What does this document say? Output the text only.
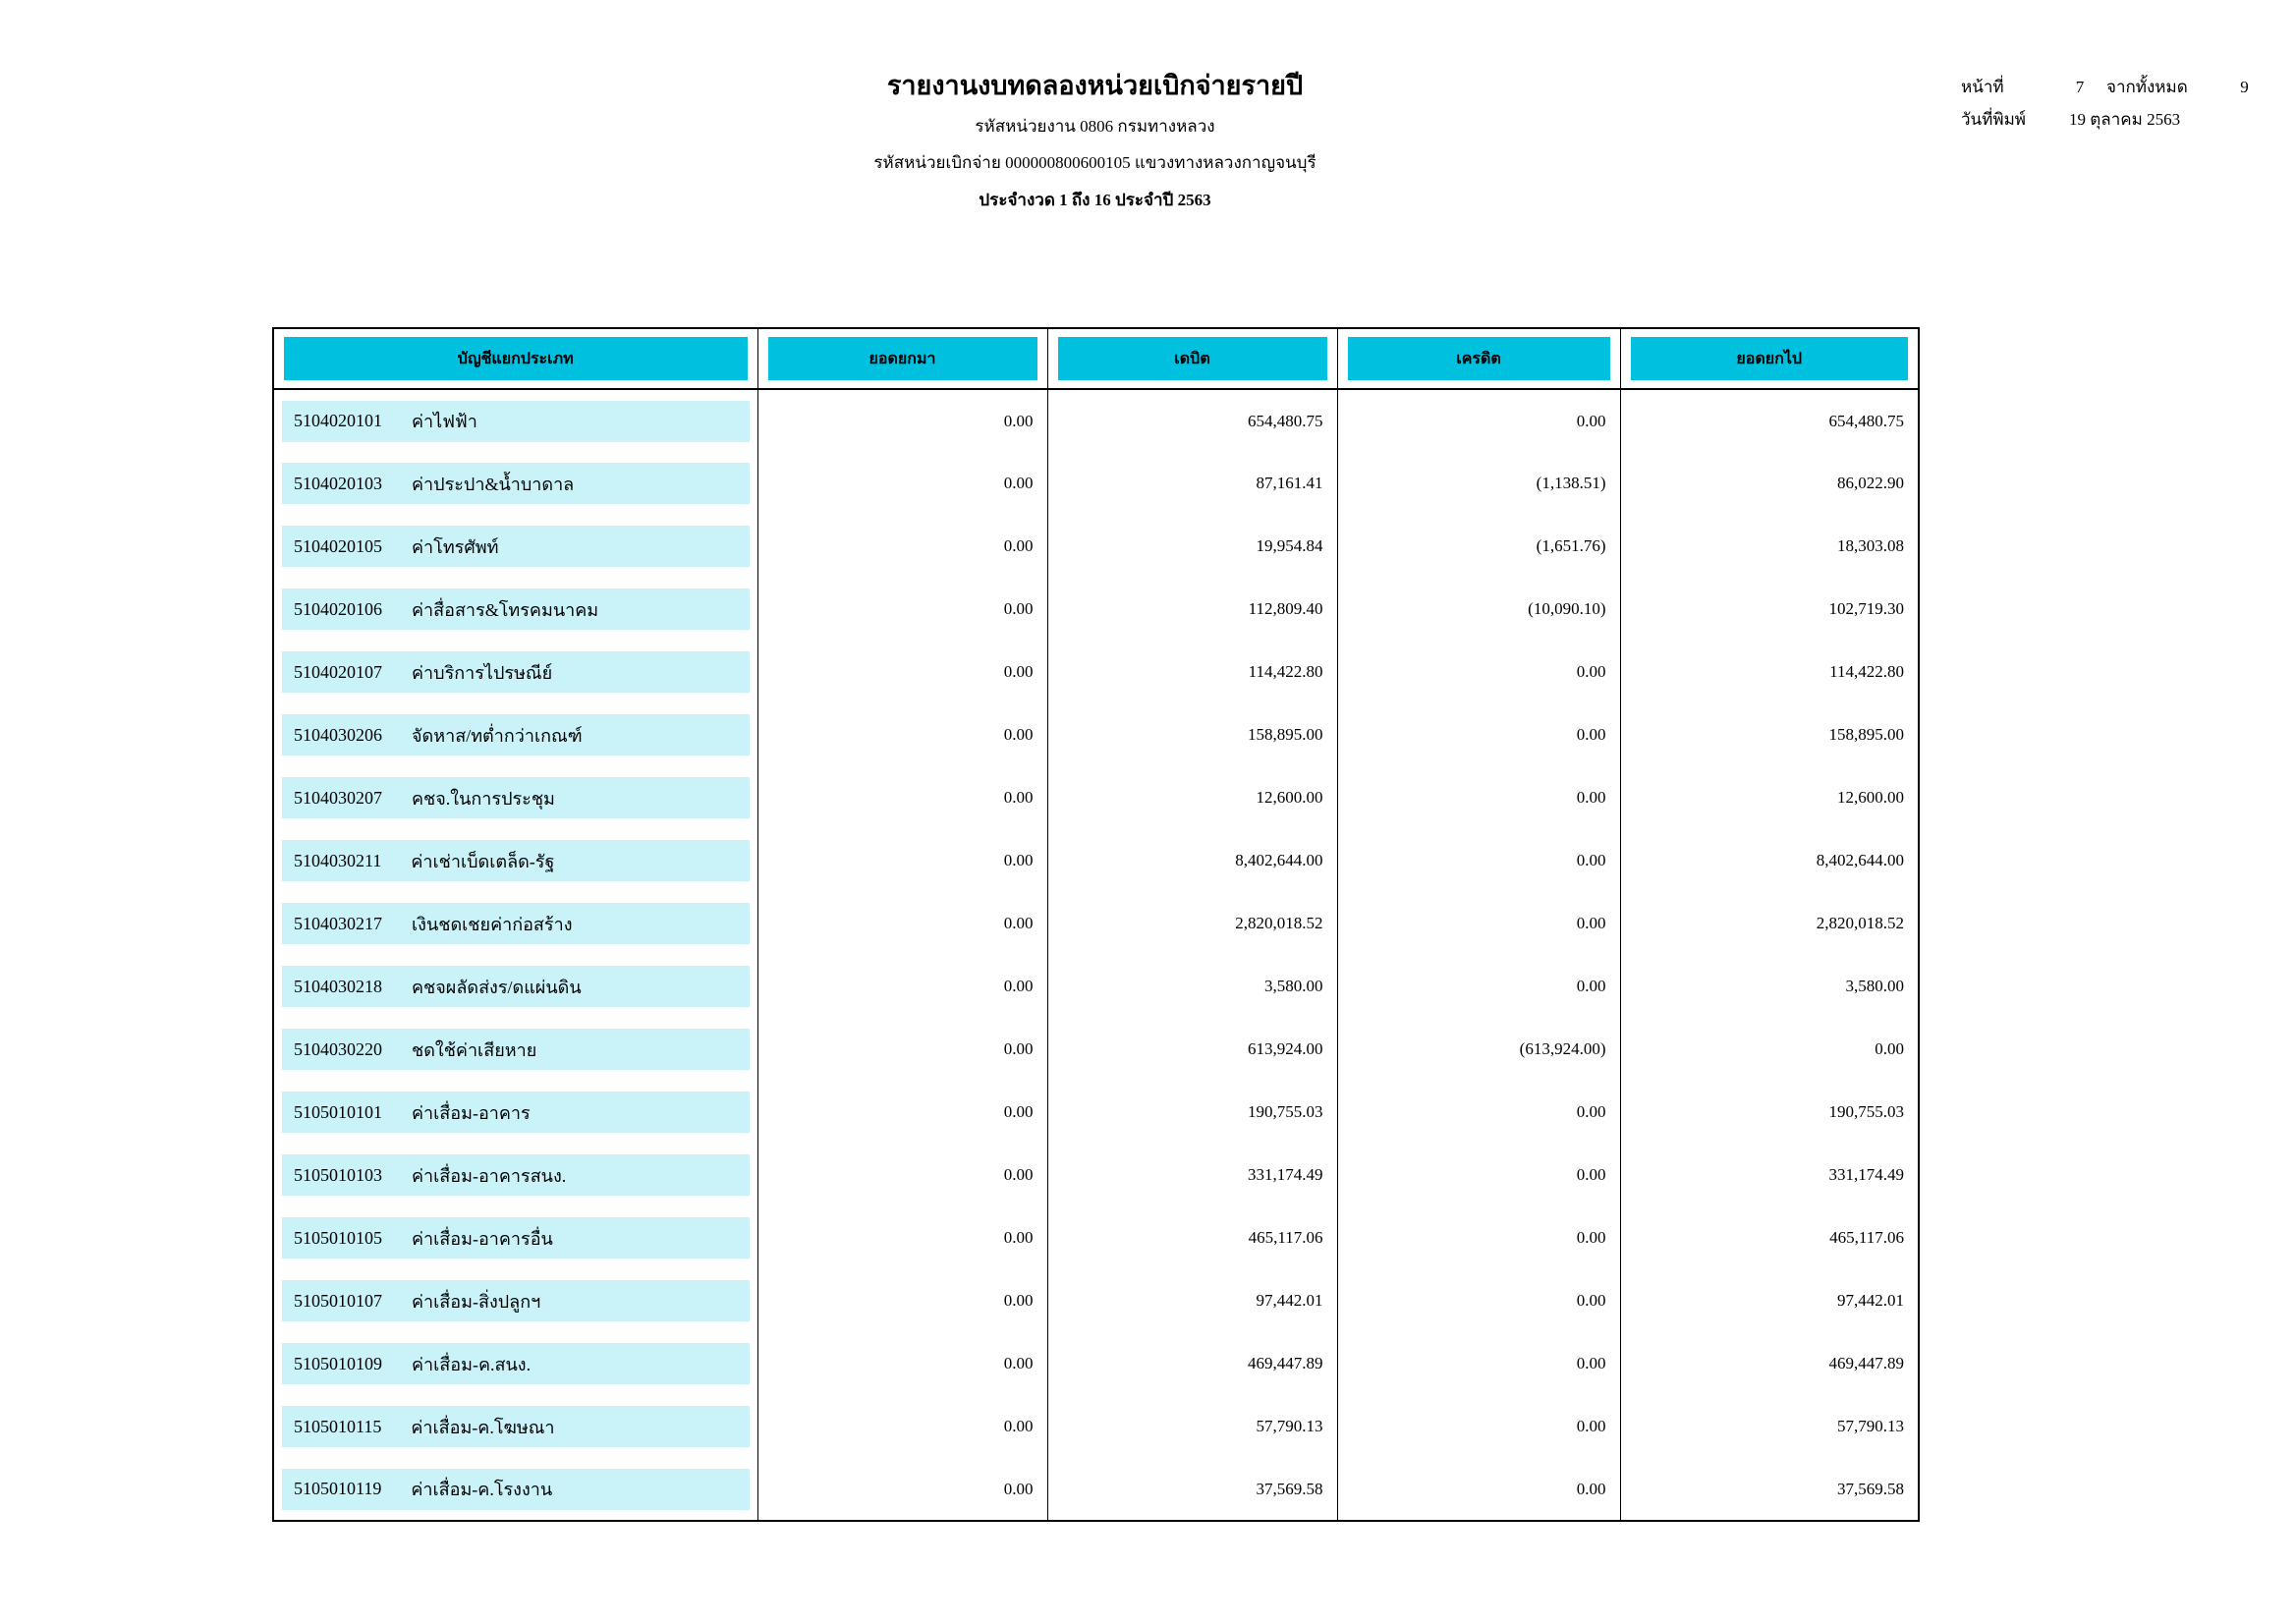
รายงานงบทดลองหน่วยเบิกจ่ายรายปี
รหัสหน่วยงาน 0806 กรมทางหลวง
รหัสหน่วยเบิกจ่าย 000000800600105 แขวงทางหลวงกาญจนบุรี
ประจำงวด 1 ถึง 16 ประจำปี 2563
หน้าที่	7	จากทั้งหมด	9
วันที่พิมพ์	19 ตุลาคม 2563
บัญชีแยกประเภท	ยอดยกมา	เดบิต	เครดิต	ยอดยกไป

5104020101 ค่าไฟฟ้า	0.00	654,480.75	0.00	654,480.75

5104020103 ค่าประปา&น้ำบาดาล	0.00	87,161.41	(1,138.51)	86,022.90

5104020105 ค่าโทรศัพท์	0.00	19,954.84	(1,651.76)	18,303.08

5104020106 ค่าสื่อสาร&โทรคมนาคม	0.00	112,809.40	(10,090.10)	102,719.30

5104020107 ค่าบริการไปรษณีย์	0.00	114,422.80	0.00	114,422.80

5104030206 จัดหาส/ทต่ำกว่าเกณฑ์	0.00	158,895.00	0.00	158,895.00

5104030207 คชจ.ในการประชุม	0.00	12,600.00	0.00	12,600.00

5104030211 ค่าเช่าเบ็ดเตล็ด-รัฐ	0.00	8,402,644.00	0.00	8,402,644.00

5104030217 เงินชดเชยค่าก่อสร้าง	0.00	2,820,018.52	0.00	2,820,018.52

5104030218 คชจผลัดส่งร/ดแผ่นดิน	0.00	3,580.00	0.00	3,580.00

5104030220 ชดใช้ค่าเสียหาย	0.00	613,924.00	(613,924.00)	0.00

5105010101 ค่าเสื่อม-อาคาร	0.00	190,755.03	0.00	190,755.03

5105010103 ค่าเสื่อม-อาคารสนง.	0.00	331,174.49	0.00	331,174.49

5105010105 ค่าเสื่อม-อาคารอื่น	0.00	465,117.06	0.00	465,117.06

5105010107 ค่าเสื่อม-สิ่งปลูกฯ	0.00	97,442.01	0.00	97,442.01

5105010109 ค่าเสื่อม-ค.สนง.	0.00	469,447.89	0.00	469,447.89

5105010115 ค่าเสื่อม-ค.โฆษณา	0.00	57,790.13	0.00	57,790.13

5105010119 ค่าเสื่อม-ค.โรงงาน	0.00	37,569.58	0.00	37,569.58
